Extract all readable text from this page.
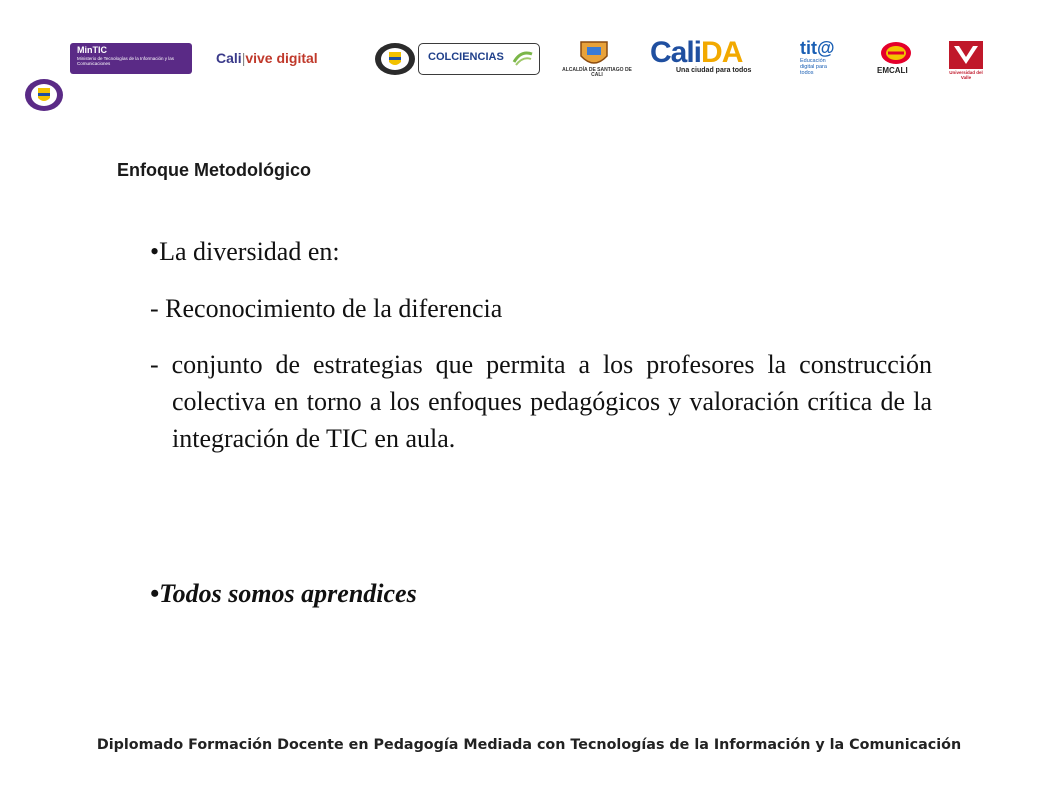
MinTIC
Ministerio de Tecnologías de la Información y las Comunicaciones	Cali|vive digital	COLCIENCIAS
ALCALDÍA DE SANTIAGO DE CALI
CaliDA
Una ciudad para todos
tit@
Educación digital para todos	EMCALI	Universidad del Valle
Enfoque Metodológico
•La diversidad en:
- Reconocimiento de la diferencia
- conjunto de estrategias que permita a los profesores la construcción colectiva en torno a los enfoques pedagógicos y valoración crítica de la integración de TIC en aula.
•Todos somos aprendices
Diplomado Formación Docente en Pedagogía Mediada con Tecnologías de la Información y la Comunicación
